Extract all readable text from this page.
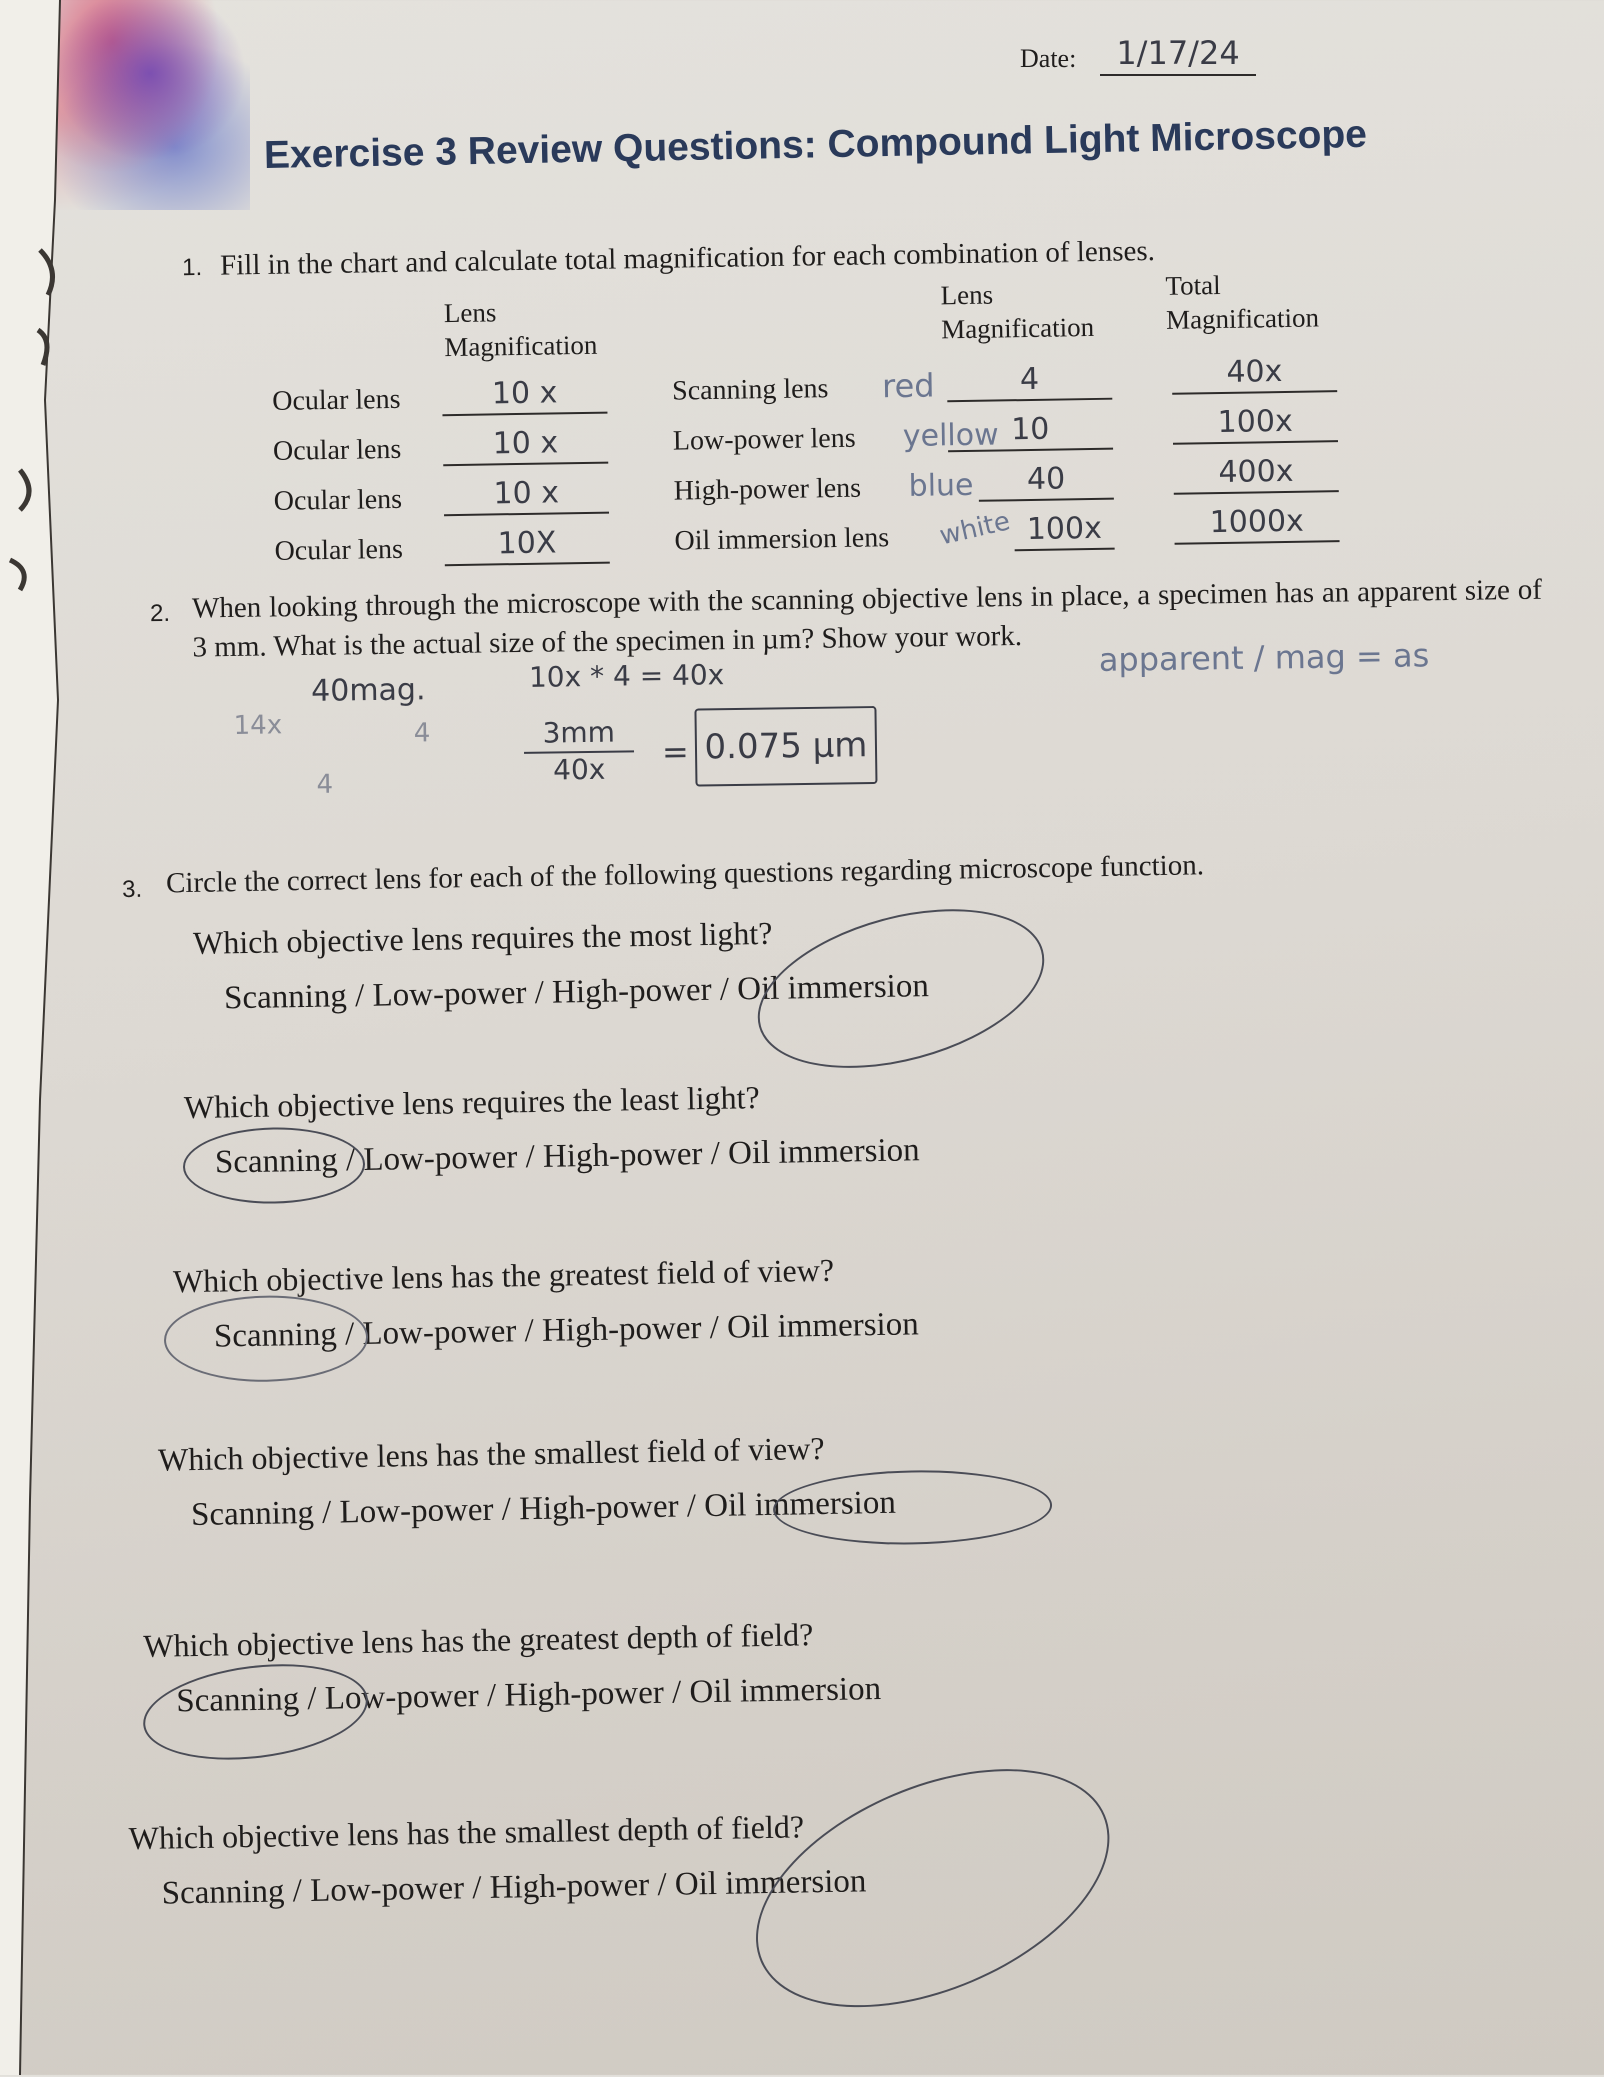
Date:	1/17/24
Exercise 3 Review Questions: Compound Light Microscope
1. Fill in the chart and calculate total magnification for each combination of lenses.
Lens Magnification
Lens Magnification
Total Magnification
Ocular lens	10 x	Scanning lens red	4	40x
Ocular lens	10 x	Low-power lens yellow 10	100x
Ocular lens	10 x	High-power lens blue	40	400x
Ocular lens	10X	Oil immersion lens white 100x	1000x
2. When looking through the microscope with the scanning objective lens in place, a specimen has an apparent size of 3 mm. What is the actual size of the specimen in µm? Show your work.
40mag.	10x * 4 = 40x	apparent / mag = as
14x	4
4	$\frac{3mm}{40x} = 0.075$ µm
3. Circle the correct lens for each of the following questions regarding microscope function.
Which objective lens requires the most light?
Scanning / Low-power / High-power / Oil immersion
Which objective lens requires the least light?
Scanning / Low-power / High-power / Oil immersion
Which objective lens has the greatest field of view?
Scanning / Low-power / High-power / Oil immersion
Which objective lens has the smallest field of view?
Scanning / Low-power / High-power / Oil immersion
Which objective lens has the greatest depth of field?
Scanning / Low-power / High-power / Oil immersion
Which objective lens has the smallest depth of field?
Scanning / Low-power / High-power / Oil immersion
